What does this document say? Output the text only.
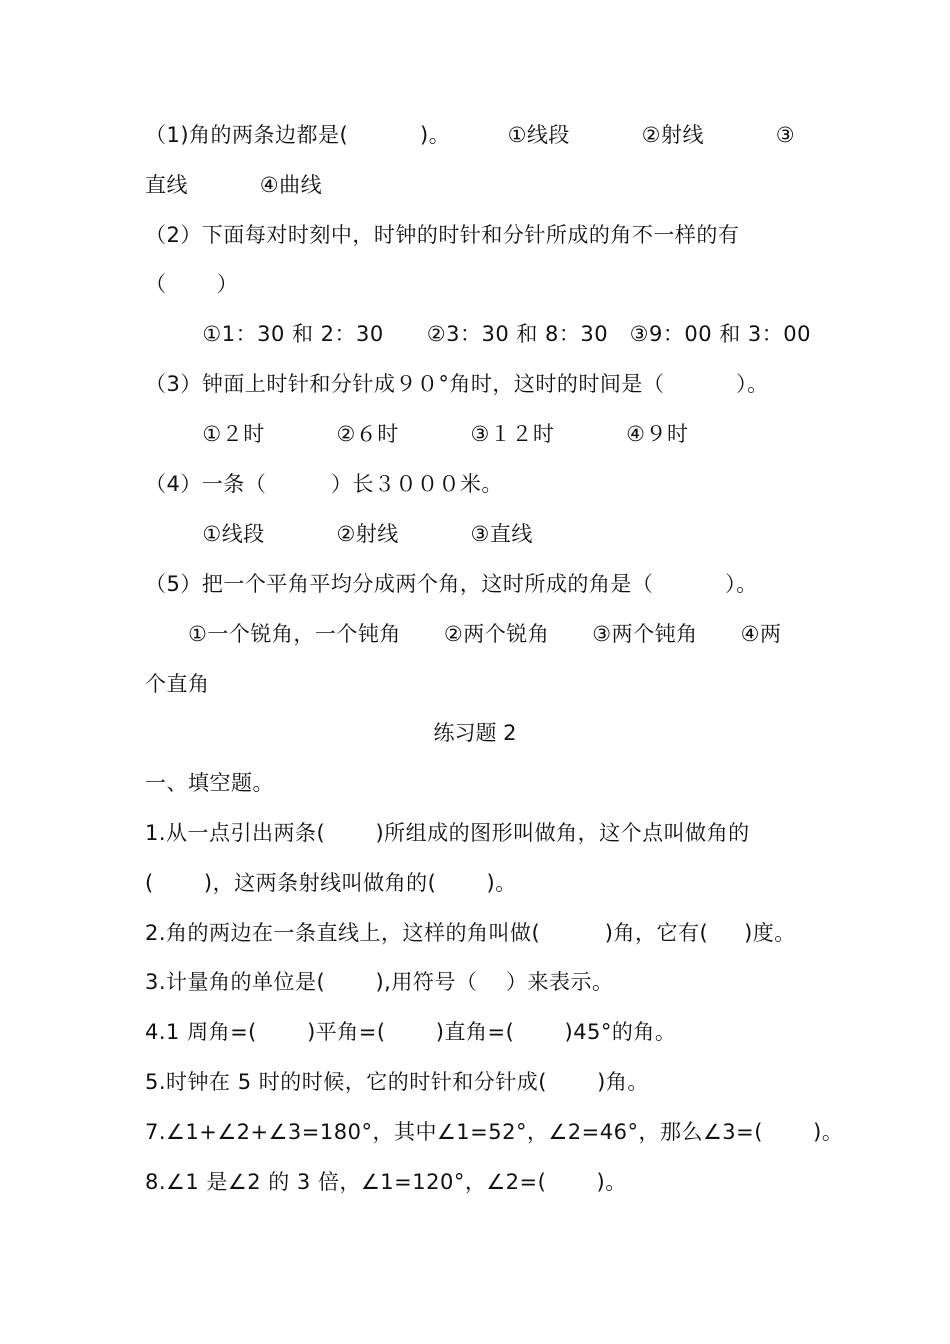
（1)角的两条边都是(          )。        ①线段          ②射线          ③
直线          ④曲线
（2）下面每对时刻中，时钟的时针和分针所成的角不一样的有
（       ）
①1：30 和 2：30      ②3：30 和 8：30   ③9：00 和 3：00
（3）钟面上时针和分针成９０°角时，这时的时间是（          ）。
①２时          ②６时          ③１２时          ④９时
（4）一条（         ）长３０００米。
①线段          ②射线          ③直线
（5）把一个平角平均分成两个角，这时所成的角是（          ）。
①一个锐角，一个钝角      ②两个锐角      ③两个钝角      ④两
个直角
练习题 2
一、填空题。
1.从一点引出两条(       )所组成的图形叫做角，这个点叫做角的
(       )，这两条射线叫做角的(       )。
2.角的两边在一条直线上，这样的角叫做(         )角，它有(     )度。
3.计量角的单位是(       ),用符号（    ）来表示。
4.1 周角=(       )平角=(       )直角=(       )45°的角。
5.时钟在 5 时的时候，它的时针和分针成(       )角。
7.∠1+∠2+∠3=180°，其中∠1=52°，∠2=46°，那么∠3=(       )。
8.∠1 是∠2 的 3 倍，∠1=120°，∠2=(       )。
